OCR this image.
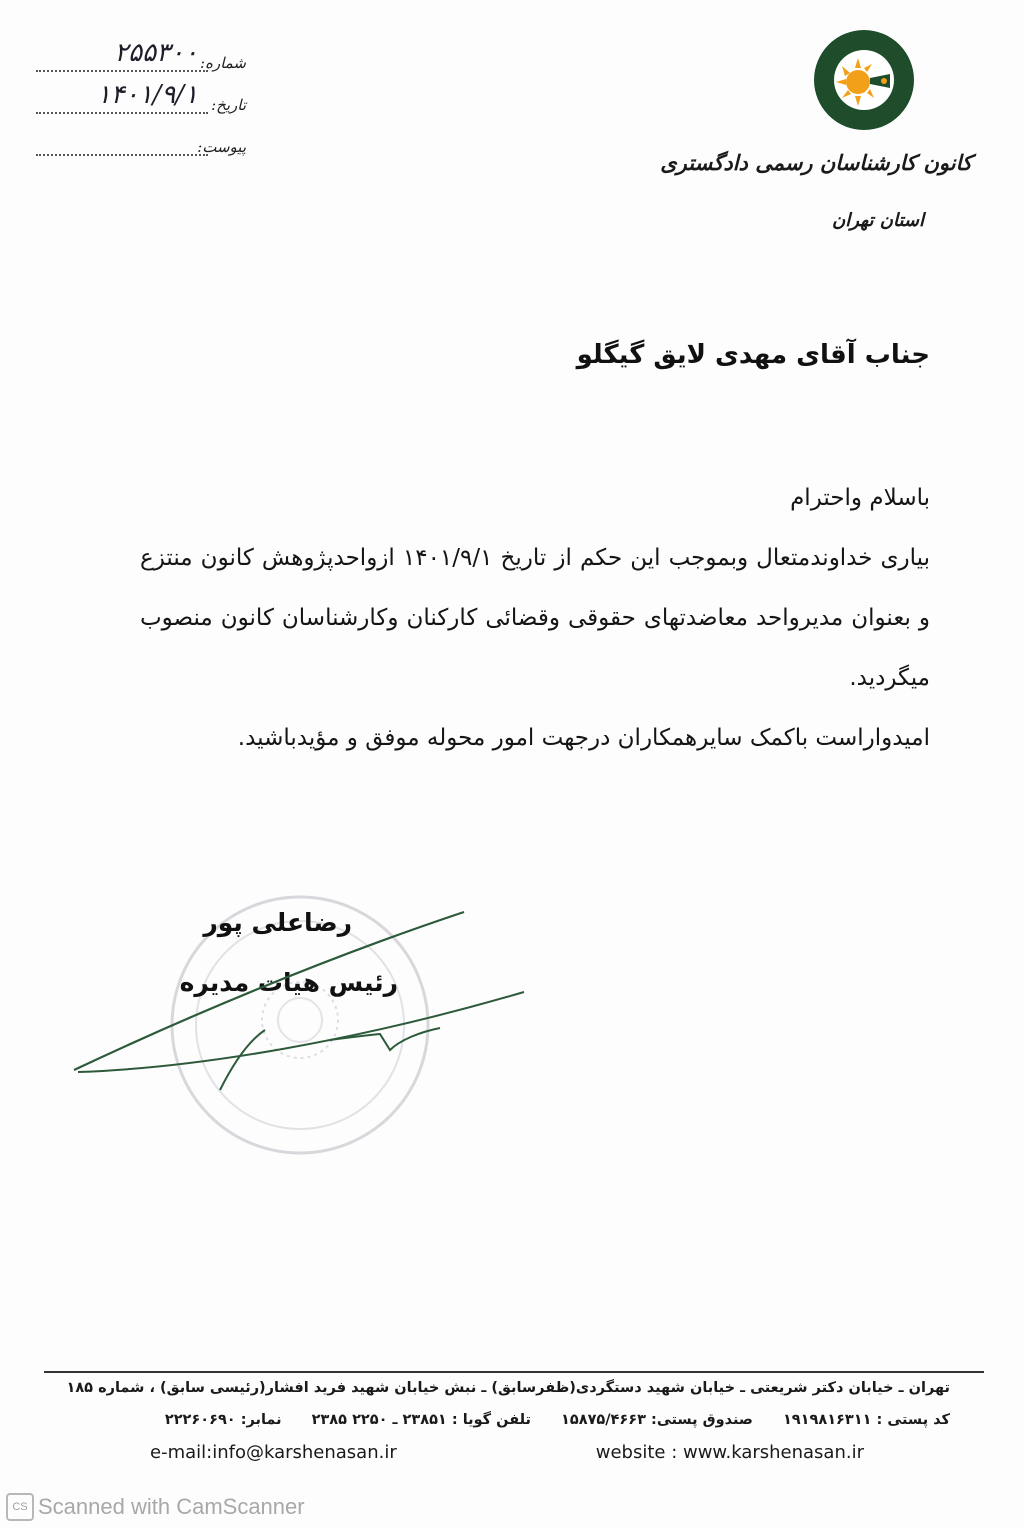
شماره:
۲۵۵۳۰۰
تاریخ:
۱۴۰۱/۹/۱
پیوست:
کانون کارشناسان رسمی دادگستری
استان تهران
جناب آقای مهدی لایق گیگلو

باسلام واحترام

بیاری خداوندمتعال وبموجب این حکم از تاریخ ۱۴۰۱/۹/۱ ازواحدپژوهش کانون منتزع و بعنوان مدیرواحد معاضدتهای حقوقی وقضائی کارکنان وکارشناسان کانون منصوب میگردید.

امیدواراست باکمک سایرهمکاران درجهت امور محوله موفق و مؤیدباشید.

رضاعلی پور
رئیس هیات مدیره
تهران ـ خیابان دکتر شریعتی ـ خیابان شهید دستگردی(ظفرسابق) ـ نبش خیابان شهید فرید افشار(رئیسی سابق) ، شماره ۱۸۵
کد پستی : ۱۹۱۹۸۱۶۳۱۱
صندوق پستی: ۱۵۸۷۵/۴۶۶۳
تلفن گویا : ۲۳۸۵۱ ـ ۲۲۵۰ ۲۳۸۵
نمابر: ۲۲۲۶۰۶۹۰
e-mail:info@karshenasan.ir	website : www.karshenasan.ir
CS Scanned with CamScanner
